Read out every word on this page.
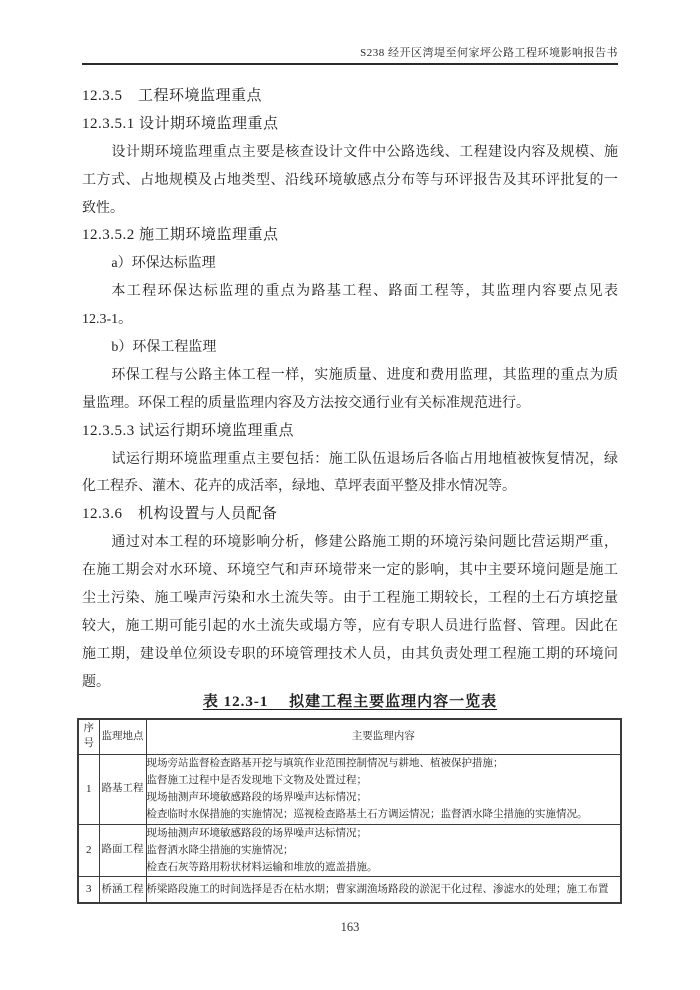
S238 经开区湾堤至何家坪公路工程环境影响报告书
12.3.5　工程环境监理重点
12.3.5.1 设计期环境监理重点
设计期环境监理重点主要是核查设计文件中公路选线、工程建设内容及规模、施
工方式、占地规模及占地类型、沿线环境敏感点分布等与环评报告及其环评批复的一
致性。
12.3.5.2 施工期环境监理重点
a）环保达标监理
本工程环保达标监理的重点为路基工程、路面工程等，其监理内容要点见表
12.3-1。
b）环保工程监理
环保工程与公路主体工程一样，实施质量、进度和费用监理，其监理的重点为质
量监理。环保工程的质量监理内容及方法按交通行业有关标准规范进行。
12.3.5.3 试运行期环境监理重点
试运行期环境监理重点主要包括：施工队伍退场后各临占用地植被恢复情况，绿
化工程乔、灌木、花卉的成活率，绿地、草坪表面平整及排水情况等。
12.3.6　机构设置与人员配备
通过对本工程的环境影响分析，修建公路施工期的环境污染问题比营运期严重，
在施工期会对水环境、环境空气和声环境带来一定的影响，其中主要环境问题是施工
尘土污染、施工噪声污染和水土流失等。由于工程施工期较长，工程的土石方填挖量
较大，施工期可能引起的水土流失或塌方等，应有专职人员进行监督、管理。因此在
施工期，建设单位须设专职的环境管理技术人员，由其负责处理工程施工期的环境问
题。
表 12.3-1　 拟建工程主要监理内容一览表
序号	监理地点	主要监理内容
1	路基工程	现场旁站监督检查路基开挖与填筑作业范围控制情况与耕地、植被保护措施；
监督施工过程中是否发现地下文物及处置过程；
现场抽测声环境敏感路段的场界噪声达标情况；
检查临时水保措施的实施情况；巡视检查路基土石方调运情况；监督洒水降尘措施的实施情况。

2	路面工程	现场抽测声环境敏感路段的场界噪声达标情况；
监督洒水降尘措施的实施情况；
检查石灰等路用粉状材料运输和堆放的遮盖措施。

3	桥涵工程	桥梁路段施工的时间选择是否在枯水期；曹家湖渔场路段的淤泥干化过程、渗滤水的处理；施工布置
163
